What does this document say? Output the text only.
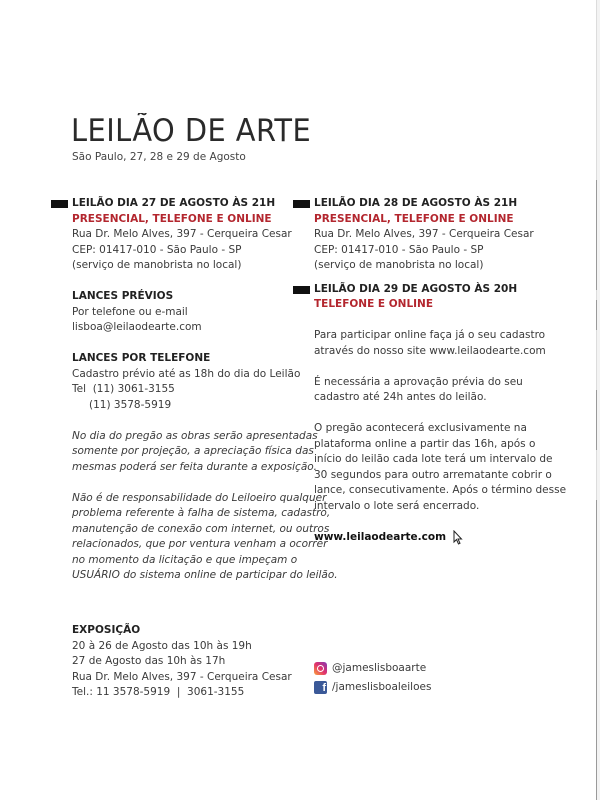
LEILÃO DE ARTE
São Paulo, 27, 28 e 29 de Agosto
LEILÃO DIA 27 DE AGOSTO ÀS 21H
PRESENCIAL, TELEFONE E ONLINE
Rua Dr. Melo Alves, 397 - Cerqueira Cesar
CEP: 01417-010 - São Paulo - SP
(serviço de manobrista no local)
LANCES PRÉVIOS
Por telefone ou e-mail
lisboa@leilaodearte.com
LANCES POR TELEFONE
Cadastro prévio até as 18h do dia do Leilão
Tel (11) 3061-3155
(11) 3578-5919
No dia do pregão as obras serão apresentadas
somente por projeção, a apreciação física das
mesmas poderá ser feita durante a exposição.
Não é de responsabilidade do Leiloeiro qualquer
problema referente à falha de sistema, cadastro,
manutenção de conexão com internet, ou outros
relacionados, que por ventura venham a ocorrer
no momento da licitação e que impeçam o
USUÁRIO do sistema online de participar do leilão.
LEILÃO DIA 28 DE AGOSTO ÀS 21H
PRESENCIAL, TELEFONE E ONLINE
Rua Dr. Melo Alves, 397 - Cerqueira Cesar
CEP: 01417-010 - São Paulo - SP
(serviço de manobrista no local)
LEILÃO DIA 29 DE AGOSTO ÀS 20H
TELEFONE E ONLINE
Para participar online faça já o seu cadastro
através do nosso site www.leilaodearte.com
É necessária a aprovação prévia do seu
cadastro até 24h antes do leilão.
O pregão acontecerá exclusivamente na
plataforma online a partir das 16h, após o
início do leilão cada lote terá um intervalo de
30 segundos para outro arrematante cobrir o
lance, consecutivamente. Após o término desse
intervalo o lote será encerrado.
www.leilaodearte.com
EXPOSIÇÃO
20 à 26 de Agosto das 10h às 19h
27 de Agosto das 10h às 17h
Rua Dr. Melo Alves, 397 - Cerqueira Cesar
Tel.: 11 3578-5919  |  3061-3155
@jameslisboaarte
f /jameslisboaleiloes
